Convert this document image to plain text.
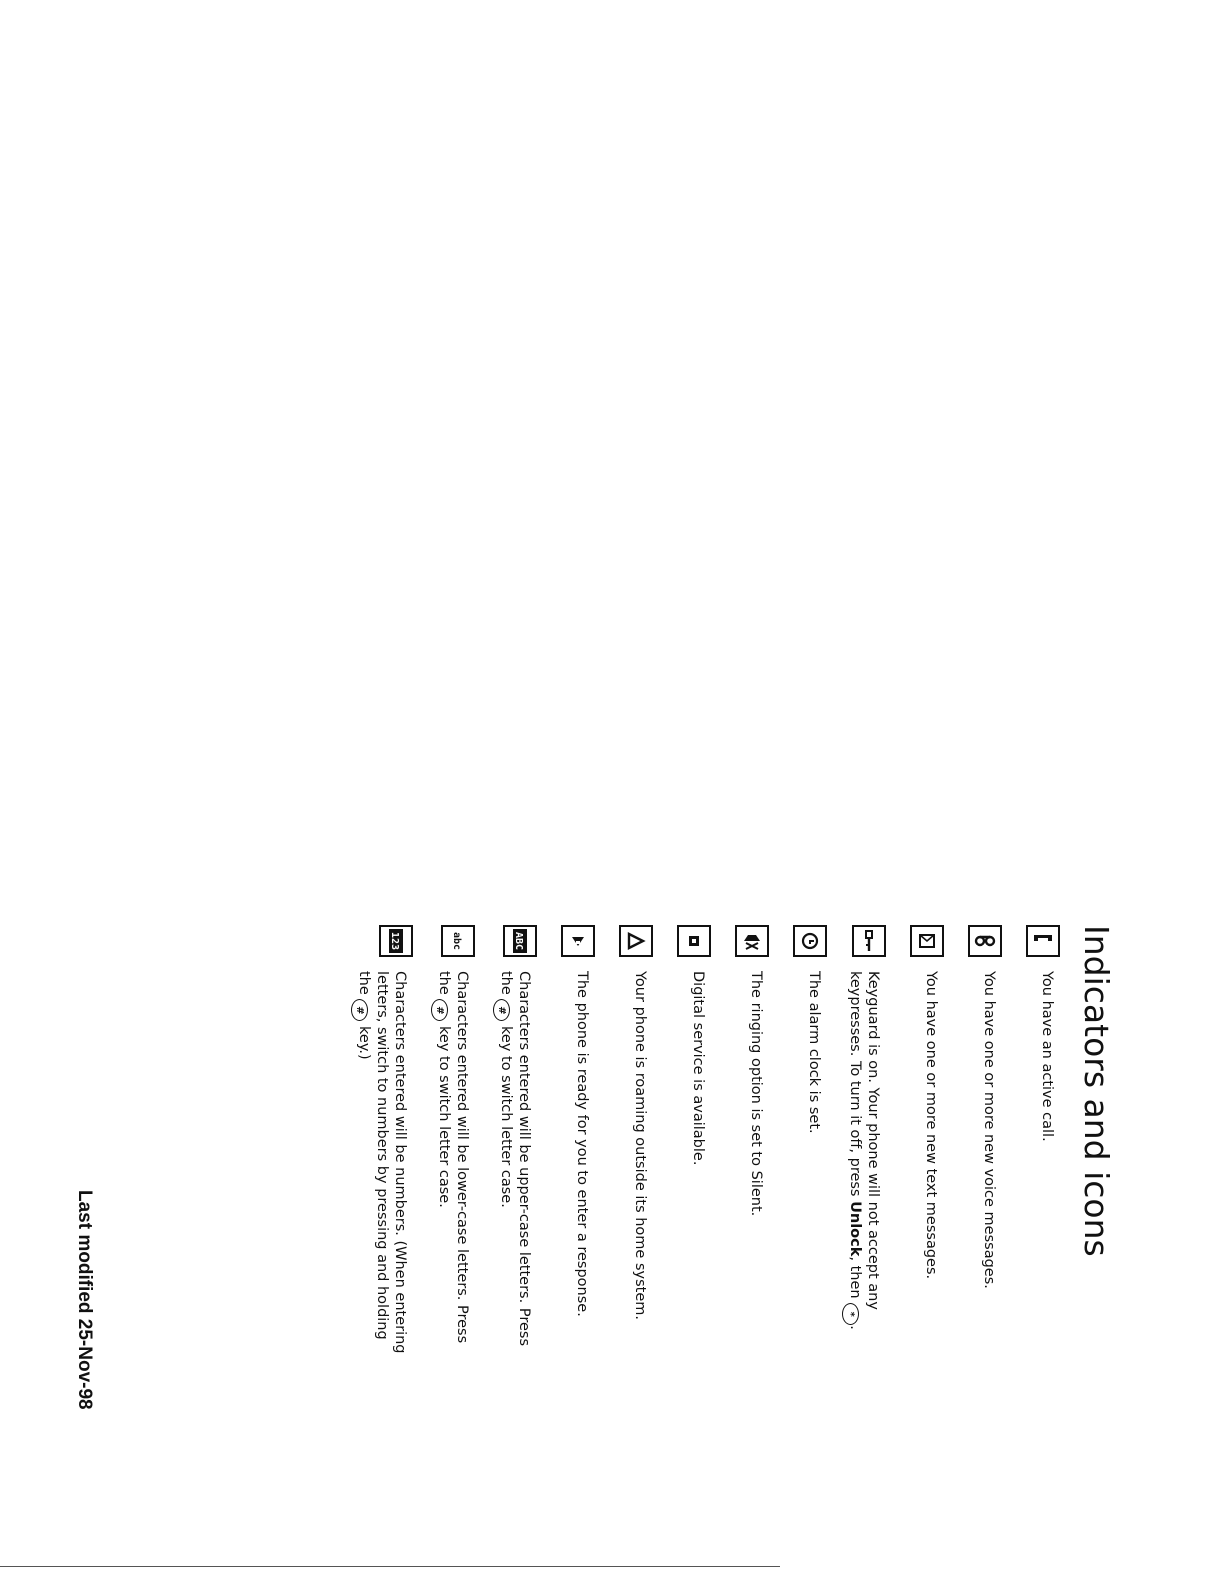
Indicators and icons
You have an active call.
You have one or more new voice messages.
You have one or more new text messages.
Keyguard is on. Your phone will not accept any keypresses. To turn it off, press Unlock, then *.
The alarm clock is set.
The ringing option is set to Silent.
Digital service is available.
Your phone is roaming outside its home system.
The phone is ready for you to enter a response.
ABC
Characters entered will be upper-case letters. Press the # key to switch letter case.
abc
Characters entered will be lower-case letters. Press the # key to switch letter case.
123
Characters entered will be numbers. (When entering letters, switch to numbers by pressing and holding the # key.)
Last modified 25-Nov-98
